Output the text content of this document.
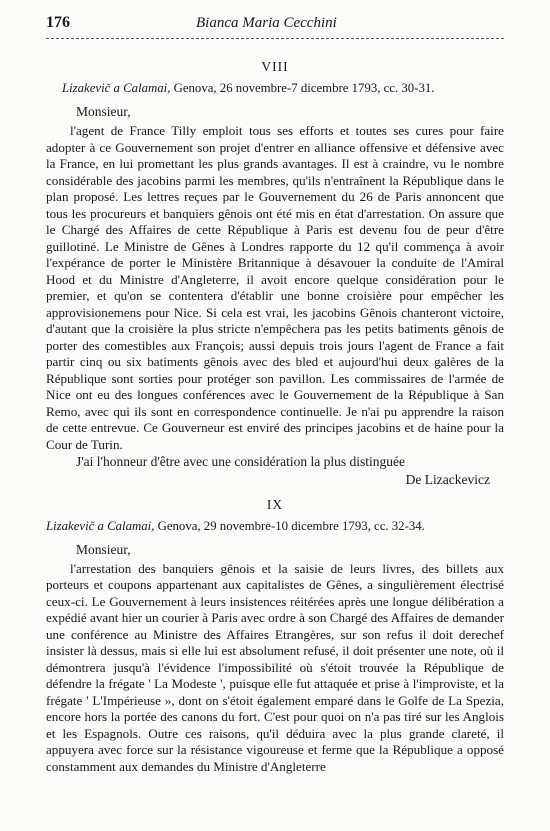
176	Bianca Maria Cecchini
VIII
Lizakevič a Calamai, Genova, 26 novembre-7 dicembre 1793, cc. 30-31.
Monsieur,

l'agent de France Tilly emploit tous ses efforts et toutes ses cures pour faire adopter à ce Gouvernement son projet d'entrer en alliance offensive et défensive avec la France, en lui promettant les plus grands avantages. Il est à craindre, vu le nombre considérable des jacobins parmi les membres, qu'ils n'entraînent la République dans le plan proposé. Les lettres reçues par le Gouvernement du 26 de Paris annoncent que tous les procureurs et banquiers gênois ont été mis en état d'arrestation. On assure que le Chargé des Affaires de cette République à Paris est devenu fou de peur d'être guillotiné. Le Ministre de Gênes à Londres rapporte du 12 qu'il commença à avoir l'expérance de porter le Ministère Britannique à désavouer la conduite de l'Amiral Hood et du Ministre d'Angleterre, il avoit encore quelque considération pour le premier, et qu'on se contentera d'établir une bonne croisière pour empêcher les approvisionemens pour Nice. Si cela est vrai, les jacobins Gênois chanteront victoire, d'autant que la croisière la plus stricte n'empêchera pas les petits batiments gênois de porter des comestibles aux François; aussi depuis trois jours l'agent de France a fait partir cinq ou six batiments gênois avec des bled et aujourd'hui deux galères de la République sont sorties pour protéger son pavillon. Les commissaires de l'armée de Nice ont eu des longues conférences avec le Gouvernement de la République à San Remo, avec qui ils sont en correspondence continuelle. Je n'ai pu apprendre la raison de cette entrevue. Ce Gouverneur est enviré des principes jacobins et de haine pour la Cour de Turin.

J'ai l'honneur d'être avec une considération la plus distinguée
De Lizackevicz
IX
Lizakevič a Calamai, Genova, 29 novembre-10 dicembre 1793, cc. 32-34.
Monsieur,

l'arrestation des banquiers gênois et la saisie de leurs livres, des billets aux porteurs et coupons appartenant aux capitalistes de Gênes, a singulièrement électrisé ceux-ci. Le Gouvernement à leurs insistences réitérées après une longue délibération a expédié avant hier un courier à Paris avec ordre à son Chargé des Affaires de demander une conférence au Ministre des Affaires Etrangères, sur son refus il doit derechef insister là dessus, mais si elle lui est absolument refusé, il doit présenter une note, où il démontrera jusqu'à l'évidence l'impossibilité où s'étoit trouvée la République de défendre la frégate ' La Modeste ', puisque elle fut attaquée et prise à l'improviste, et la frégate ' L'Impérieuse », dont on s'étoit également emparé dans le Golfe de La Spezia, encore hors la portée des canons du fort. C'est pour quoi on n'a pas tiré sur les Anglois et les Espagnols. Outre ces raisons, qu'il déduira avec la plus grande clareté, il appuyera avec force sur la résistance vigoureuse et ferme que la République a opposé constamment aux demandes du Ministre d'Angleterre
